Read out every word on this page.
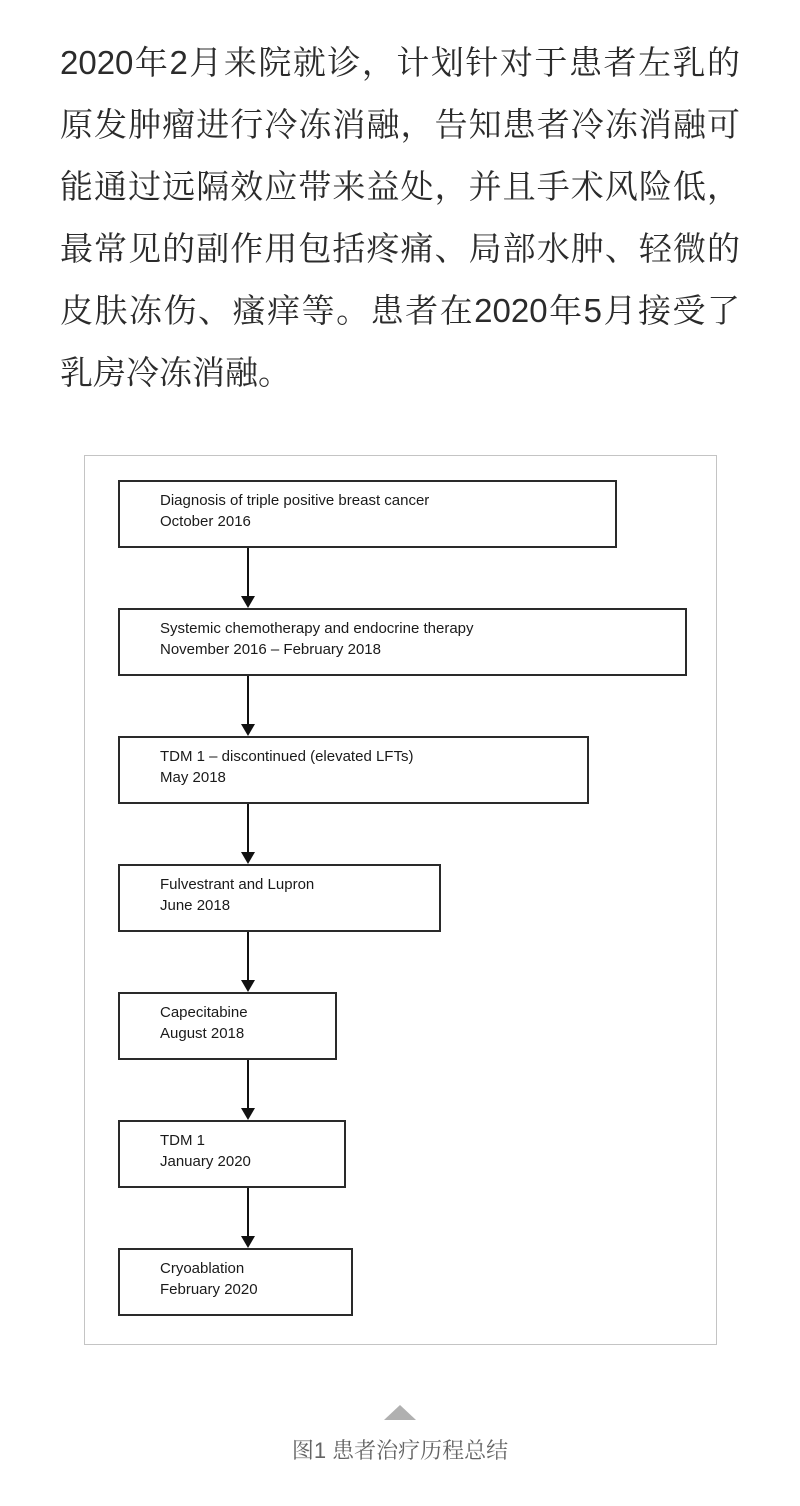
2020年2月来院就诊，计划针对于患者左乳的
原发肿瘤进行冷冻消融，告知患者冷冻消融可
能通过远隔效应带来益处，并且手术风险低，
最常见的副作用包括疼痛、局部水肿、轻微的
皮肤冻伤、瘙痒等。患者在2020年5月接受了
乳房冷冻消融。
Diagnosis of triple positive breast cancer
October 2016
Systemic chemotherapy and endocrine therapy
November 2016 – February 2018
TDM 1 – discontinued (elevated LFTs)
May 2018
Fulvestrant and Lupron
June 2018
Capecitabine
August 2018
TDM 1
January 2020
Cryoablation
February 2020
图1 患者治疗历程总结
